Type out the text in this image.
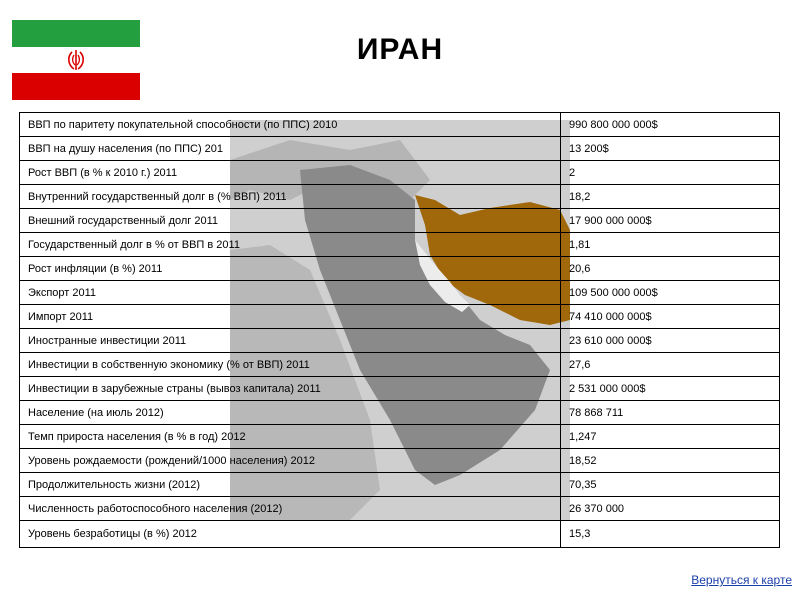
ИРАН
ВВП по паритету покупательной способности (по ППС) 2010	990 800 000 000$
ВВП на душу населения (по ППС) 201	13 200$
Рост ВВП (в % к 2010 г.) 2011	2
Внутренний государственный долг в (% ВВП) 2011	18,2
Внешний государственный долг 2011	17 900 000 000$
Государственный долг в % от ВВП в 2011	1,81
Рост инфляции (в %) 2011	20,6
Экспорт 2011	109 500 000 000$
Импорт 2011	74 410 000 000$
Иностранные инвестиции 2011	23 610 000 000$
Инвестиции в собственную экономику (% от ВВП) 2011	27,6
Инвестиции в зарубежные страны (вывоз капитала) 2011	2 531 000 000$
Население (на июль 2012)	78 868 711
Темп прироста населения (в % в год) 2012	1,247
Уровень рождаемости (рождений/1000 населения) 2012	18,52
Продолжительность жизни (2012)	70,35
Численность работоспособного населения (2012)	26 370 000
Уровень безработицы (в %) 2012	15,3
Вернуться к карте
